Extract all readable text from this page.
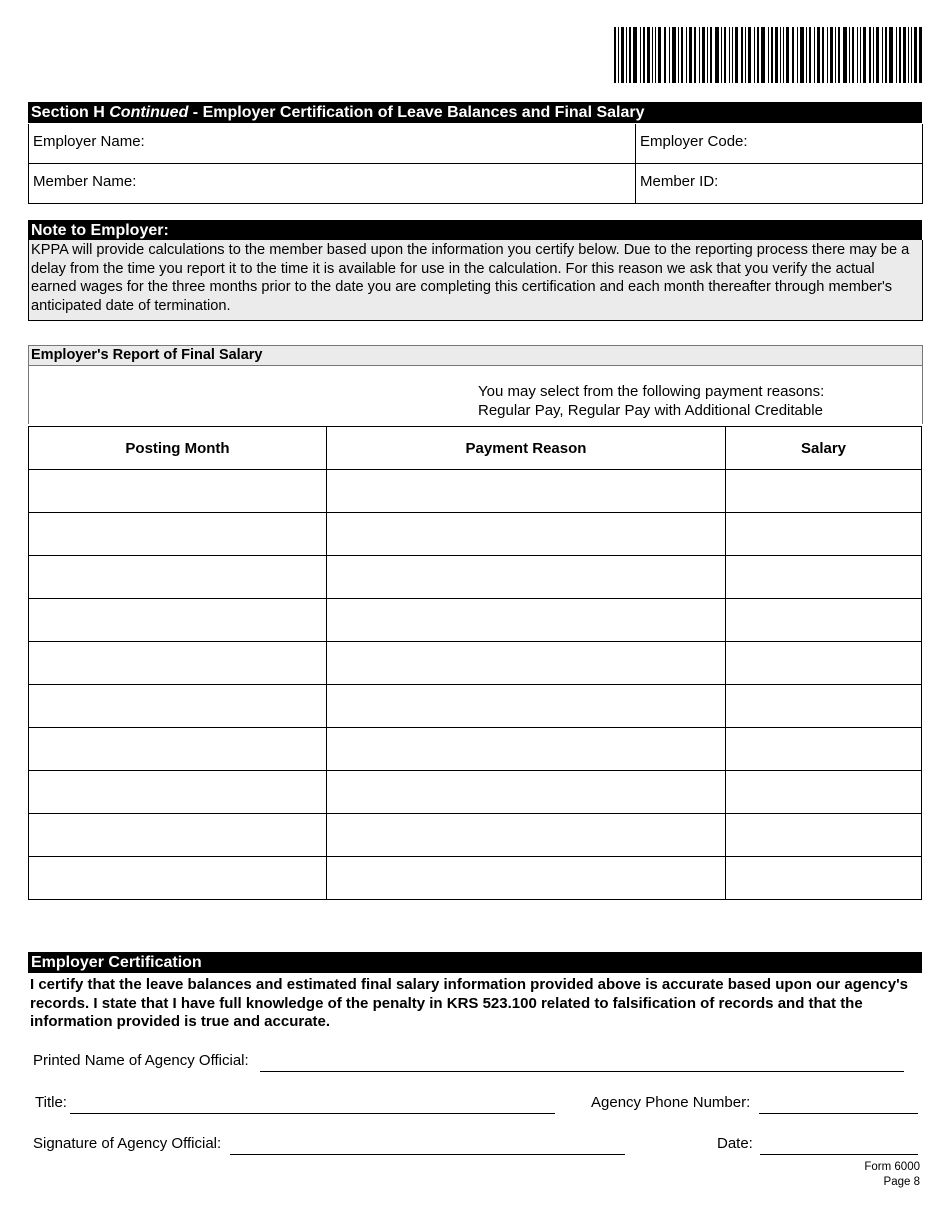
Section H Continued - Employer Certification of Leave Balances and Final Salary
Employer Name:	Employer Code:
Member Name:	Member ID:
Note to Employer:
KPPA will provide calculations to the member based upon the information you certify below. Due to the reporting process there may be a delay from the time you report it to the time it is available for use in the calculation. For this reason we ask that you verify the actual earned wages for the three months prior to the date you are completing this certification and each month thereafter through member's anticipated date of termination.
Employer's Report of Final Salary
You may select from the following payment reasons:
Regular Pay, Regular Pay with Additional Creditable
Posting Month	Payment Reason	Salary

Employer Certification
I certify that the leave balances and estimated final salary information provided above is accurate based upon our agency's records. I state that I have full knowledge of the penalty in KRS 523.100 related to falsification of records and that the information provided is true and accurate.
Printed Name of Agency Official:
Title:	Agency Phone Number:
Signature of Agency Official:	Date:
Form 6000
Page 8
